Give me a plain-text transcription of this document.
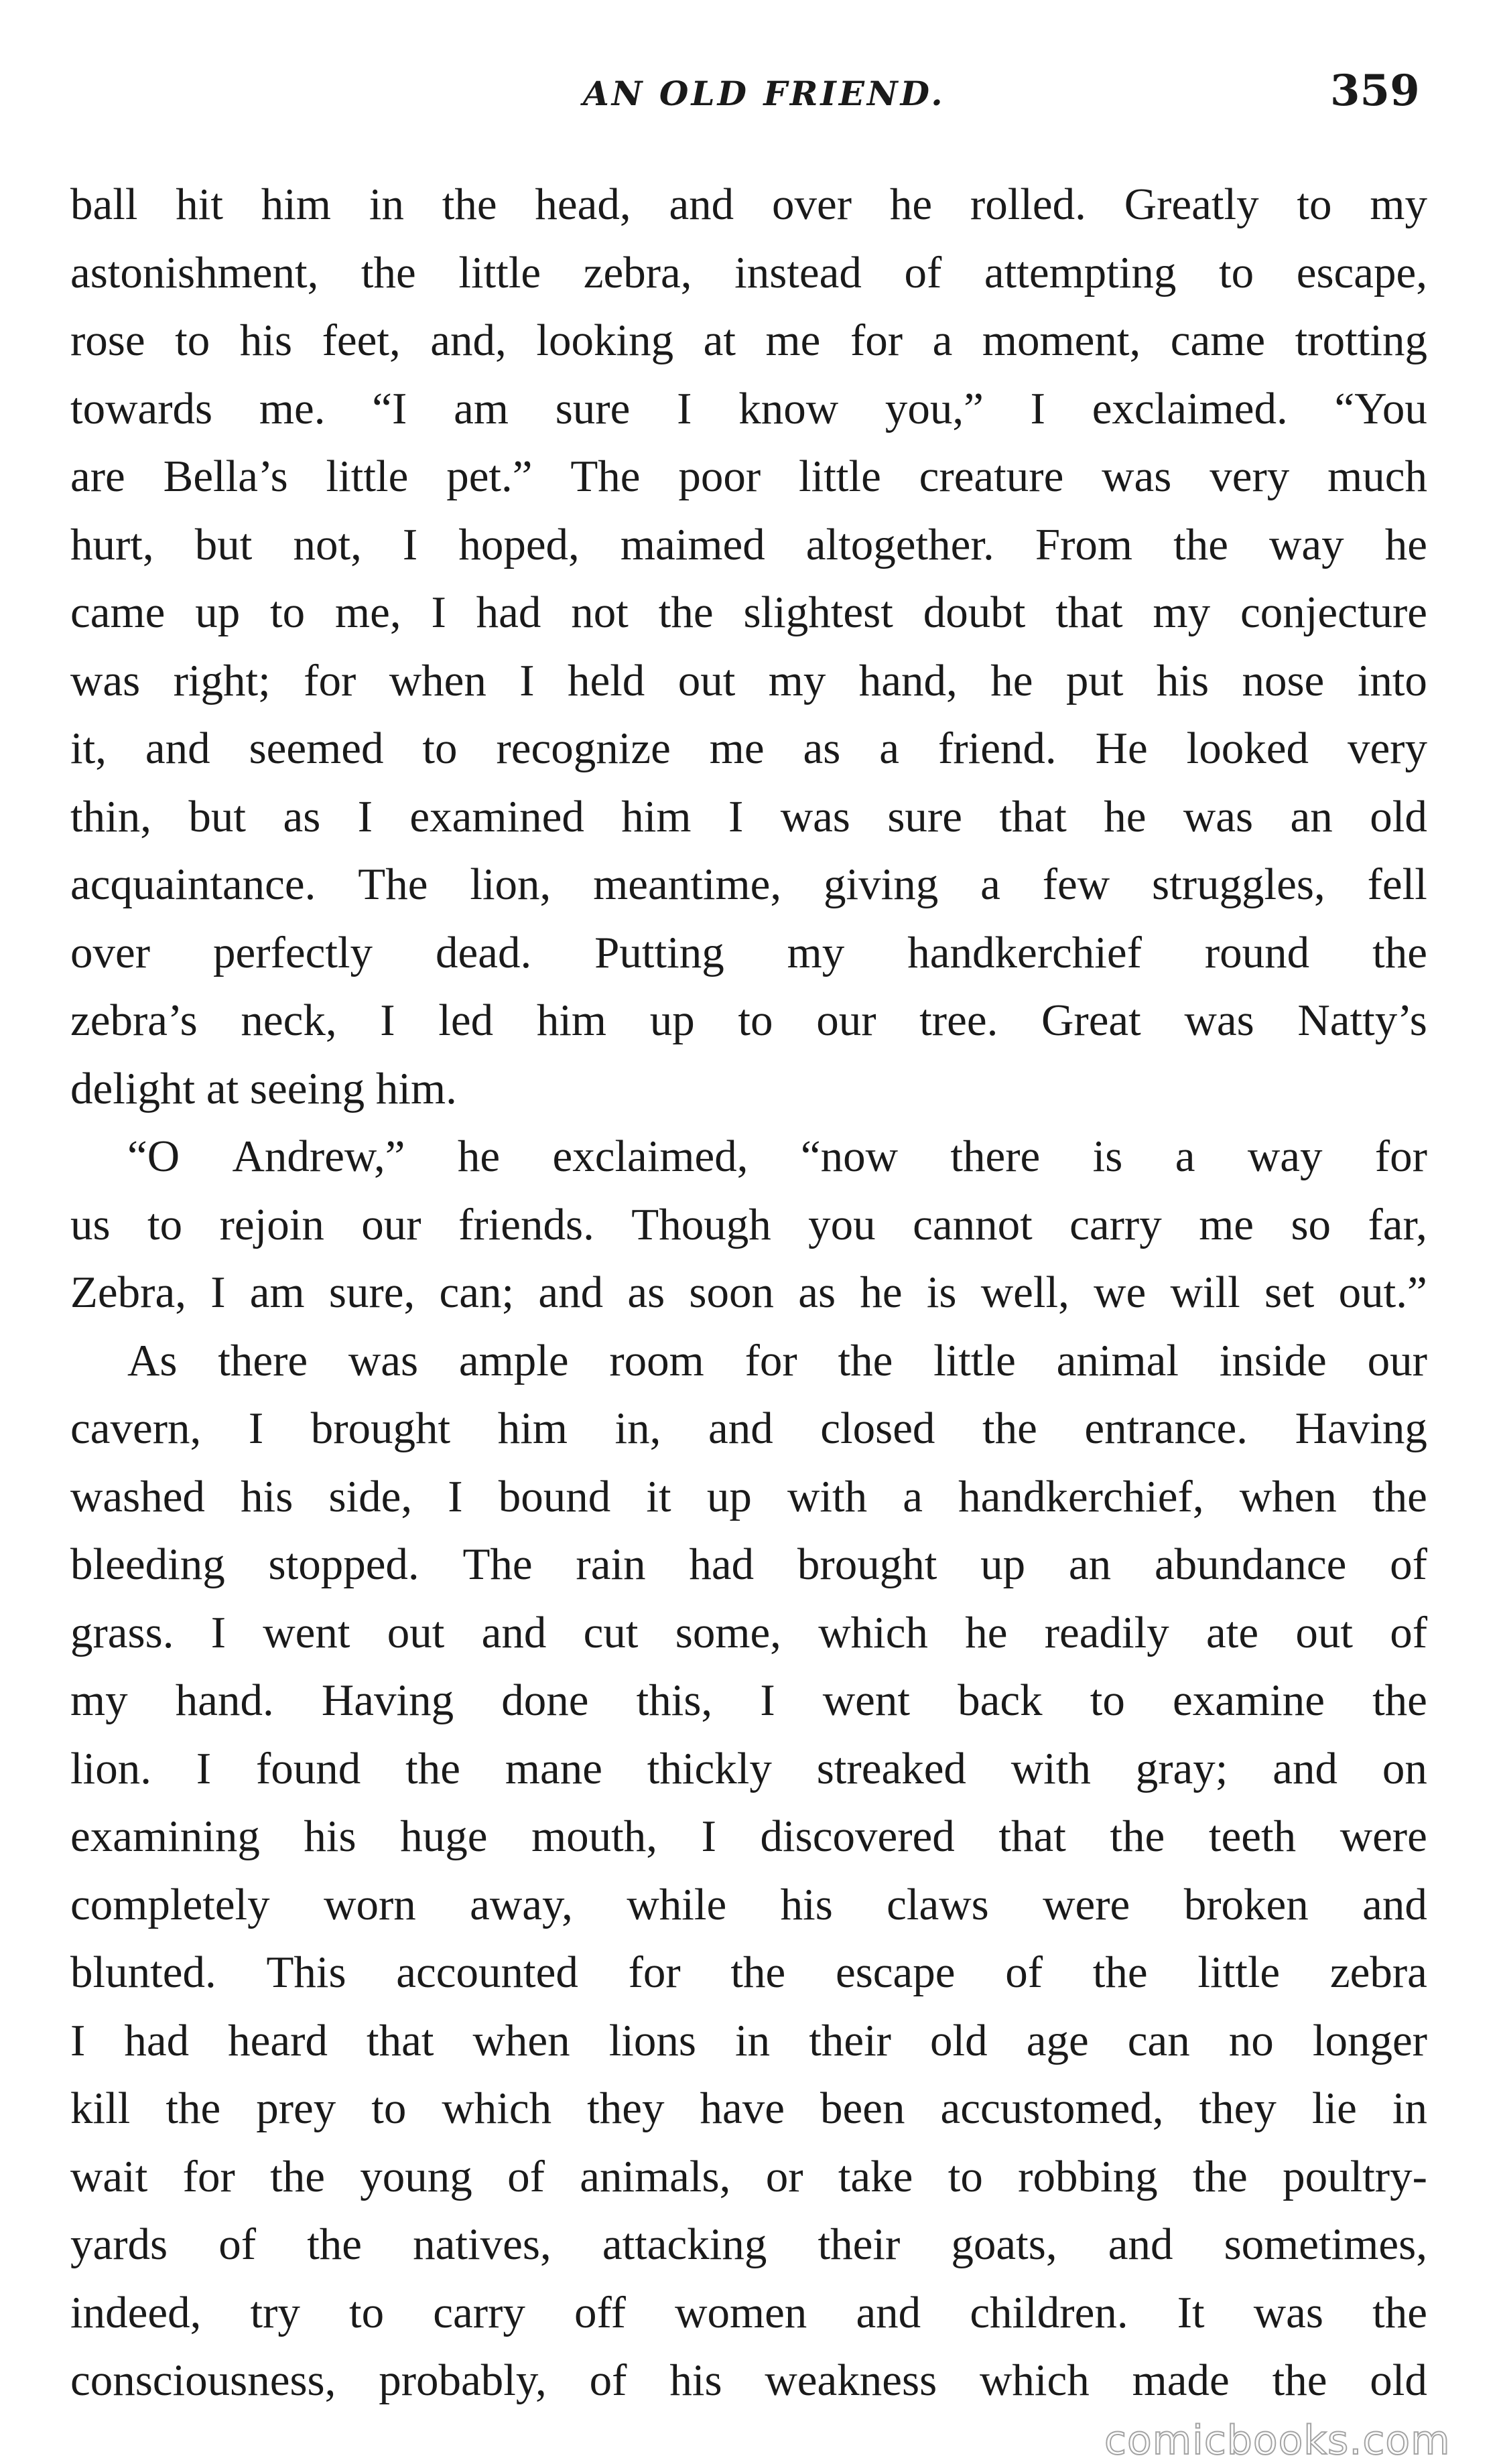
AN OLD FRIEND.	359
ball hit him in the head, and over he rolled. Greatly to my
astonishment, the little zebra, instead of attempting to escape,
rose to his feet, and, looking at me for a moment, came trotting
towards me. “I am sure I know you,” I exclaimed. “You
are Bella’s little pet.” The poor little creature was very much
hurt, but not, I hoped, maimed altogether. From the way he
came up to me, I had not the slightest doubt that my conjecture
was right; for when I held out my hand, he put his nose into
it, and seemed to recognize me as a friend. He looked very
thin, but as I examined him I was sure that he was an old
acquaintance. The lion, meantime, giving a few struggles, fell
over perfectly dead. Putting my handkerchief round the
zebra’s neck, I led him up to our tree. Great was Natty’s
delight at seeing him.
“O Andrew,” he exclaimed, “now there is a way for
us to rejoin our friends. Though you cannot carry me so far,
Zebra, I am sure, can; and as soon as he is well, we will set out.”
As there was ample room for the little animal inside our
cavern, I brought him in, and closed the entrance. Having
washed his side, I bound it up with a handkerchief, when the
bleeding stopped. The rain had brought up an abundance of
grass. I went out and cut some, which he readily ate out of
my hand. Having done this, I went back to examine the
lion. I found the mane thickly streaked with gray; and on
examining his huge mouth, I discovered that the teeth were
completely worn away, while his claws were broken and
blunted. This accounted for the escape of the little zebra
I had heard that when lions in their old age can no longer
kill the prey to which they have been accustomed, they lie in
wait for the young of animals, or take to robbing the poultry-
yards of the natives, attacking their goats, and sometimes,
indeed, try to carry off women and children. It was the
consciousness, probably, of his weakness which made the old
comicbooks.com
